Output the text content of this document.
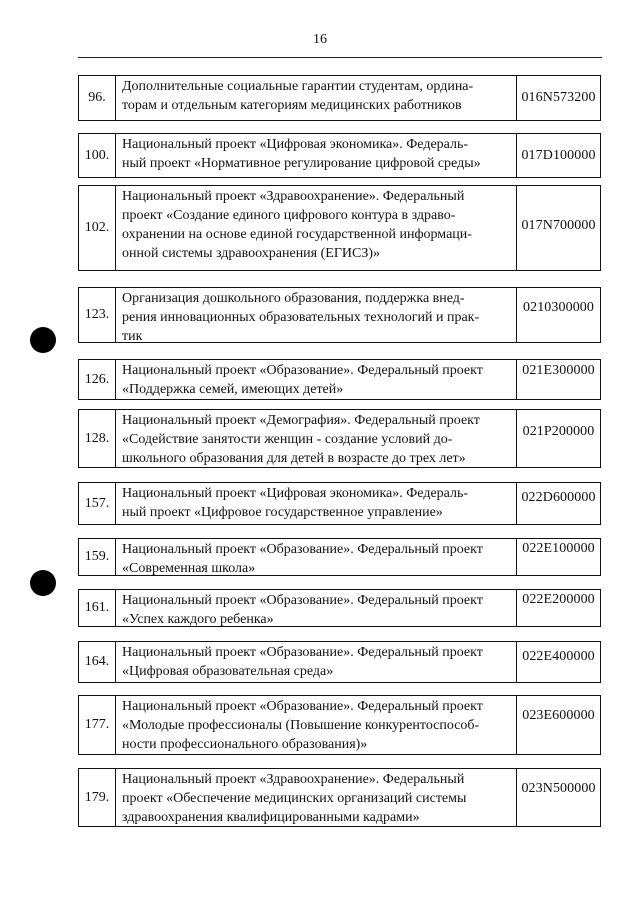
16
96.
Дополнительные социальные гарантии студентам, ордина-
торам и отдельным категориям медицинских работников
016N573200
100.
Национальный проект «Цифровая экономика». Федераль-
ный проект «Нормативное регулирование цифровой среды»
017D100000
102.
Национальный проект «Здравоохранение». Федеральный
проект «Создание единого цифрового контура в здраво-
охранении на основе единой государственной информаци-
онной системы здравоохранения (ЕГИСЗ)»
017N700000
123.
Организация дошкольного образования, поддержка внед-
рения инновационных образовательных технологий и прак-
тик
0210300000
126.
Национальный проект «Образование». Федеральный проект
«Поддержка семей, имеющих детей»
021E300000
128.
Национальный проект «Демография». Федеральный проект
«Содействие занятости женщин - создание условий до-
школьного образования для детей в возрасте до трех лет»
021P200000
157.
Национальный проект «Цифровая экономика». Федераль-
ный проект «Цифровое государственное управление»
022D600000
159. Национальный проект «Образование». Федеральный проект
«Современная школа»
022E100000
161. Национальный проект «Образование». Федеральный проект
«Успех каждого ребенка»
022E200000
164.
Национальный проект «Образование». Федеральный проект
«Цифровая образовательная среда»
022E400000
177.
Национальный проект «Образование». Федеральный проект
«Молодые профессионалы (Повышение конкурентоспособ-
ности профессионального образования)»
023E600000
179.
Национальный проект «Здравоохранение». Федеральный
проект «Обеспечение медицинских организаций системы
здравоохранения квалифицированными кадрами»
023N500000
